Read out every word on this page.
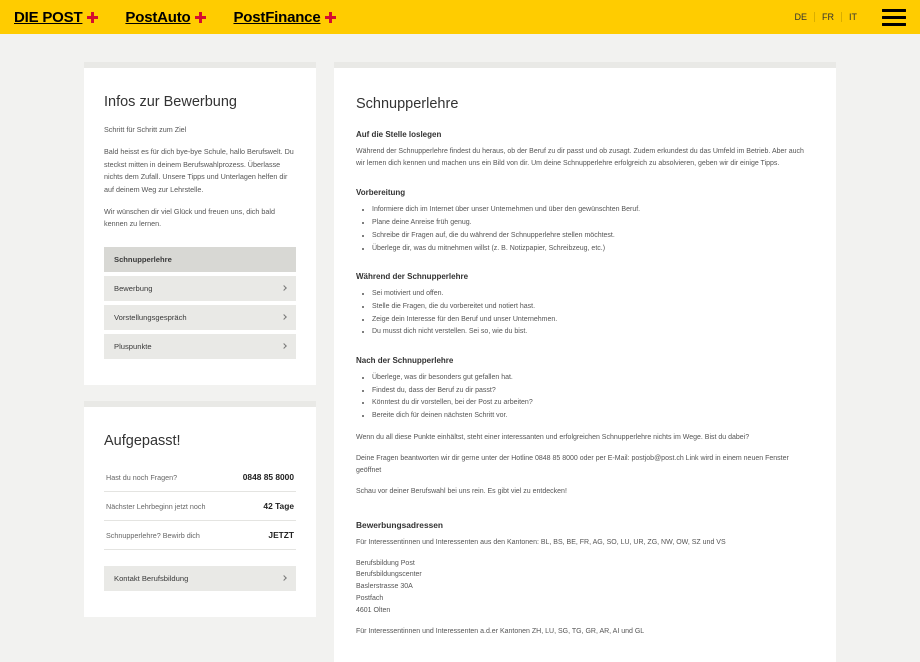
DIE POST	PostAuto	PostFinance	DE	FR	IT
Infos zur Bewerbung

Schritt für Schritt zum Ziel

Bald heisst es für dich bye-bye Schule, hallo Berufswelt. Du steckst mitten in deinem Berufswahlprozess. Überlasse nichts dem Zufall. Unsere Tipps und Unterlagen helfen dir auf deinem Weg zur Lehrstelle.

Wir wünschen dir viel Glück und freuen uns, dich bald kennen zu lernen.

Schnupperlehre
Bewerbung
Vorstellungsgespräch
Pluspunkte
Aufgepasst!
Hast du noch Fragen?	0848 85 8000
Nächster Lehrbeginn jetzt noch	42 Tage
Schnupperlehre? Bewirb dich	JETZT
Kontakt Berufsbildung
Schnupperlehre
Auf die Stelle loslegen

Während der Schnupperlehre findest du heraus, ob der Beruf zu dir passt und ob zusagt. Zudem erkundest du das Umfeld im Betrieb. Aber auch wir lernen dich kennen und machen uns ein Bild von dir. Um deine Schnupperlehre erfolgreich zu absolvieren, geben wir dir einige Tipps.

Vorbereitung
• Informiere dich im Internet über unser Unternehmen und über den gewünschten Beruf.
• Plane deine Anreise früh genug.
• Schreibe dir Fragen auf, die du während der Schnupperlehre stellen möchtest.
• Überlege dir, was du mitnehmen willst (z. B. Notizpapier, Schreibzeug, etc.)
Während der Schnupperlehre
• Sei motiviert und offen.
• Stelle die Fragen, die du vorbereitet und notiert hast.
• Zeige dein Interesse für den Beruf und unser Unternehmen.
• Du musst dich nicht verstellen. Sei so, wie du bist.
Nach der Schnupperlehre
• Überlege, was dir besonders gut gefallen hat.
• Findest du, dass der Beruf zu dir passt?
• Könntest du dir vorstellen, bei der Post zu arbeiten?
• Bereite dich für deinen nächsten Schritt vor.

Wenn du all diese Punkte einhältst, steht einer interessanten und erfolgreichen Schnupperlehre nichts im Wege. Bist du dabei?

Deine Fragen beantworten wir dir gerne unter der Hotline 0848 85 8000 oder per E-Mail: postjob@post.ch Link wird in einem neuen Fenster geöffnet

Schau vor deiner Berufswahl bei uns rein. Es gibt viel zu entdecken!

Bewerbungsadressen

Für Interessentinnen und Interessenten aus den Kantonen: BL, BS, BE, FR, AG, SO, LU, UR, ZG, NW, OW, SZ und VS

Berufsbildung Post
Berufsbildungscenter
Baslerstrasse 30A
Postfach
4601 Olten

Für Interessentinnen und Interessenten a.d.er Kantonen ZH, LU, SG, TG, GR, AR, AI und GL
